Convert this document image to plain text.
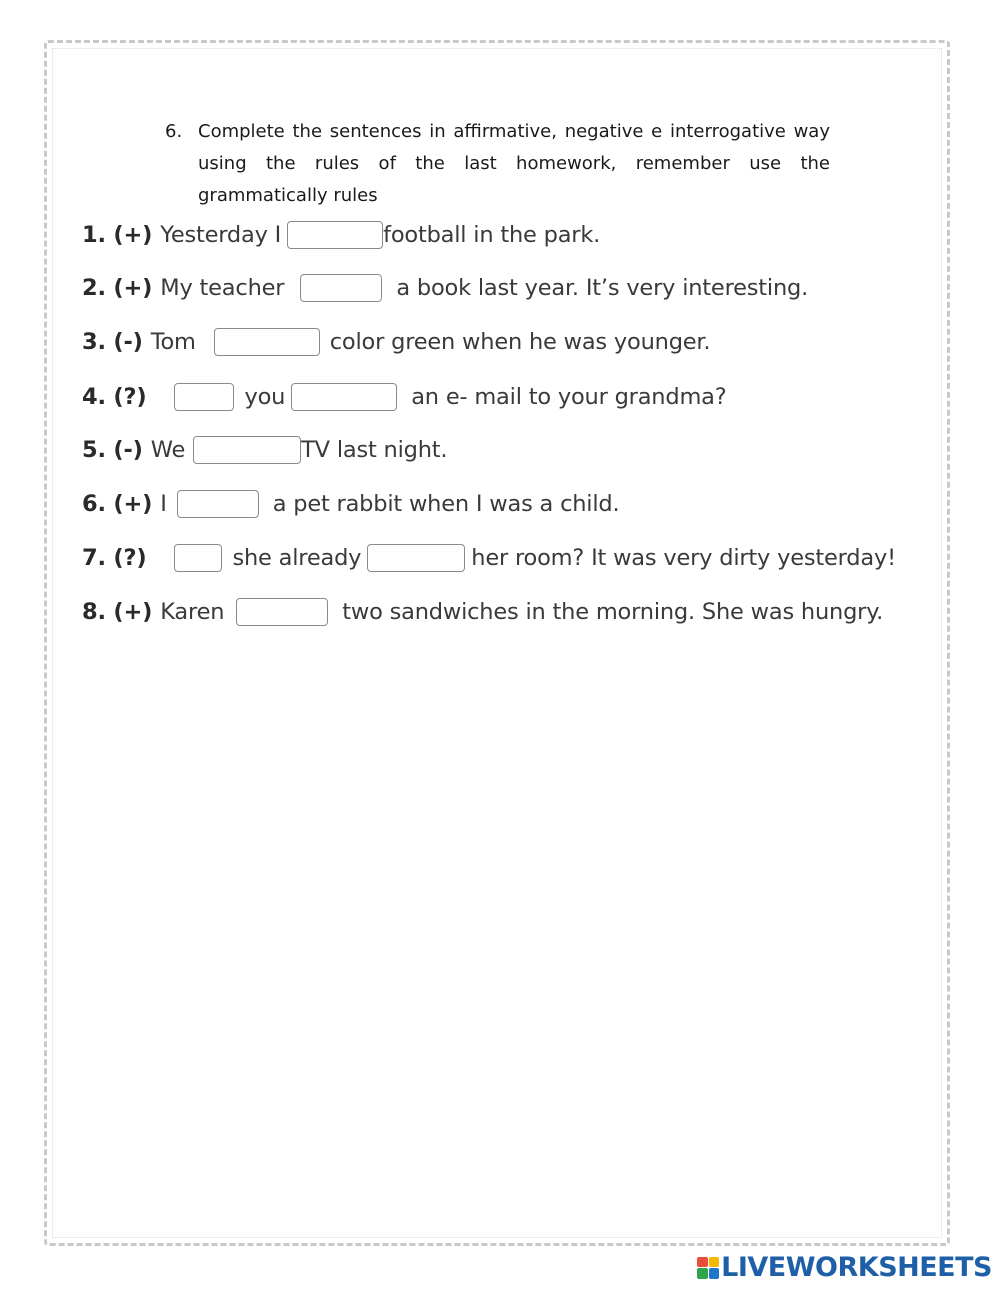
6. Complete the sentences in affirmative, negative e interrogative way using the rules of the last homework, remember use the grammatically rules
1. (+) Yesterday I	football in the park.
2. (+) My teacher	a book last year. It’s very interesting.
3. (-) Tom	color green when he was younger.
4. (?)	you	an e- mail to your grandma?
5. (-) We	TV last night.
6. (+) I	a pet rabbit when I was a child.
7. (?)	she already	her room? It was very dirty yesterday!
8. (+) Karen	two sandwiches in the morning. She was hungry.
LIVEWORKSHEETS
